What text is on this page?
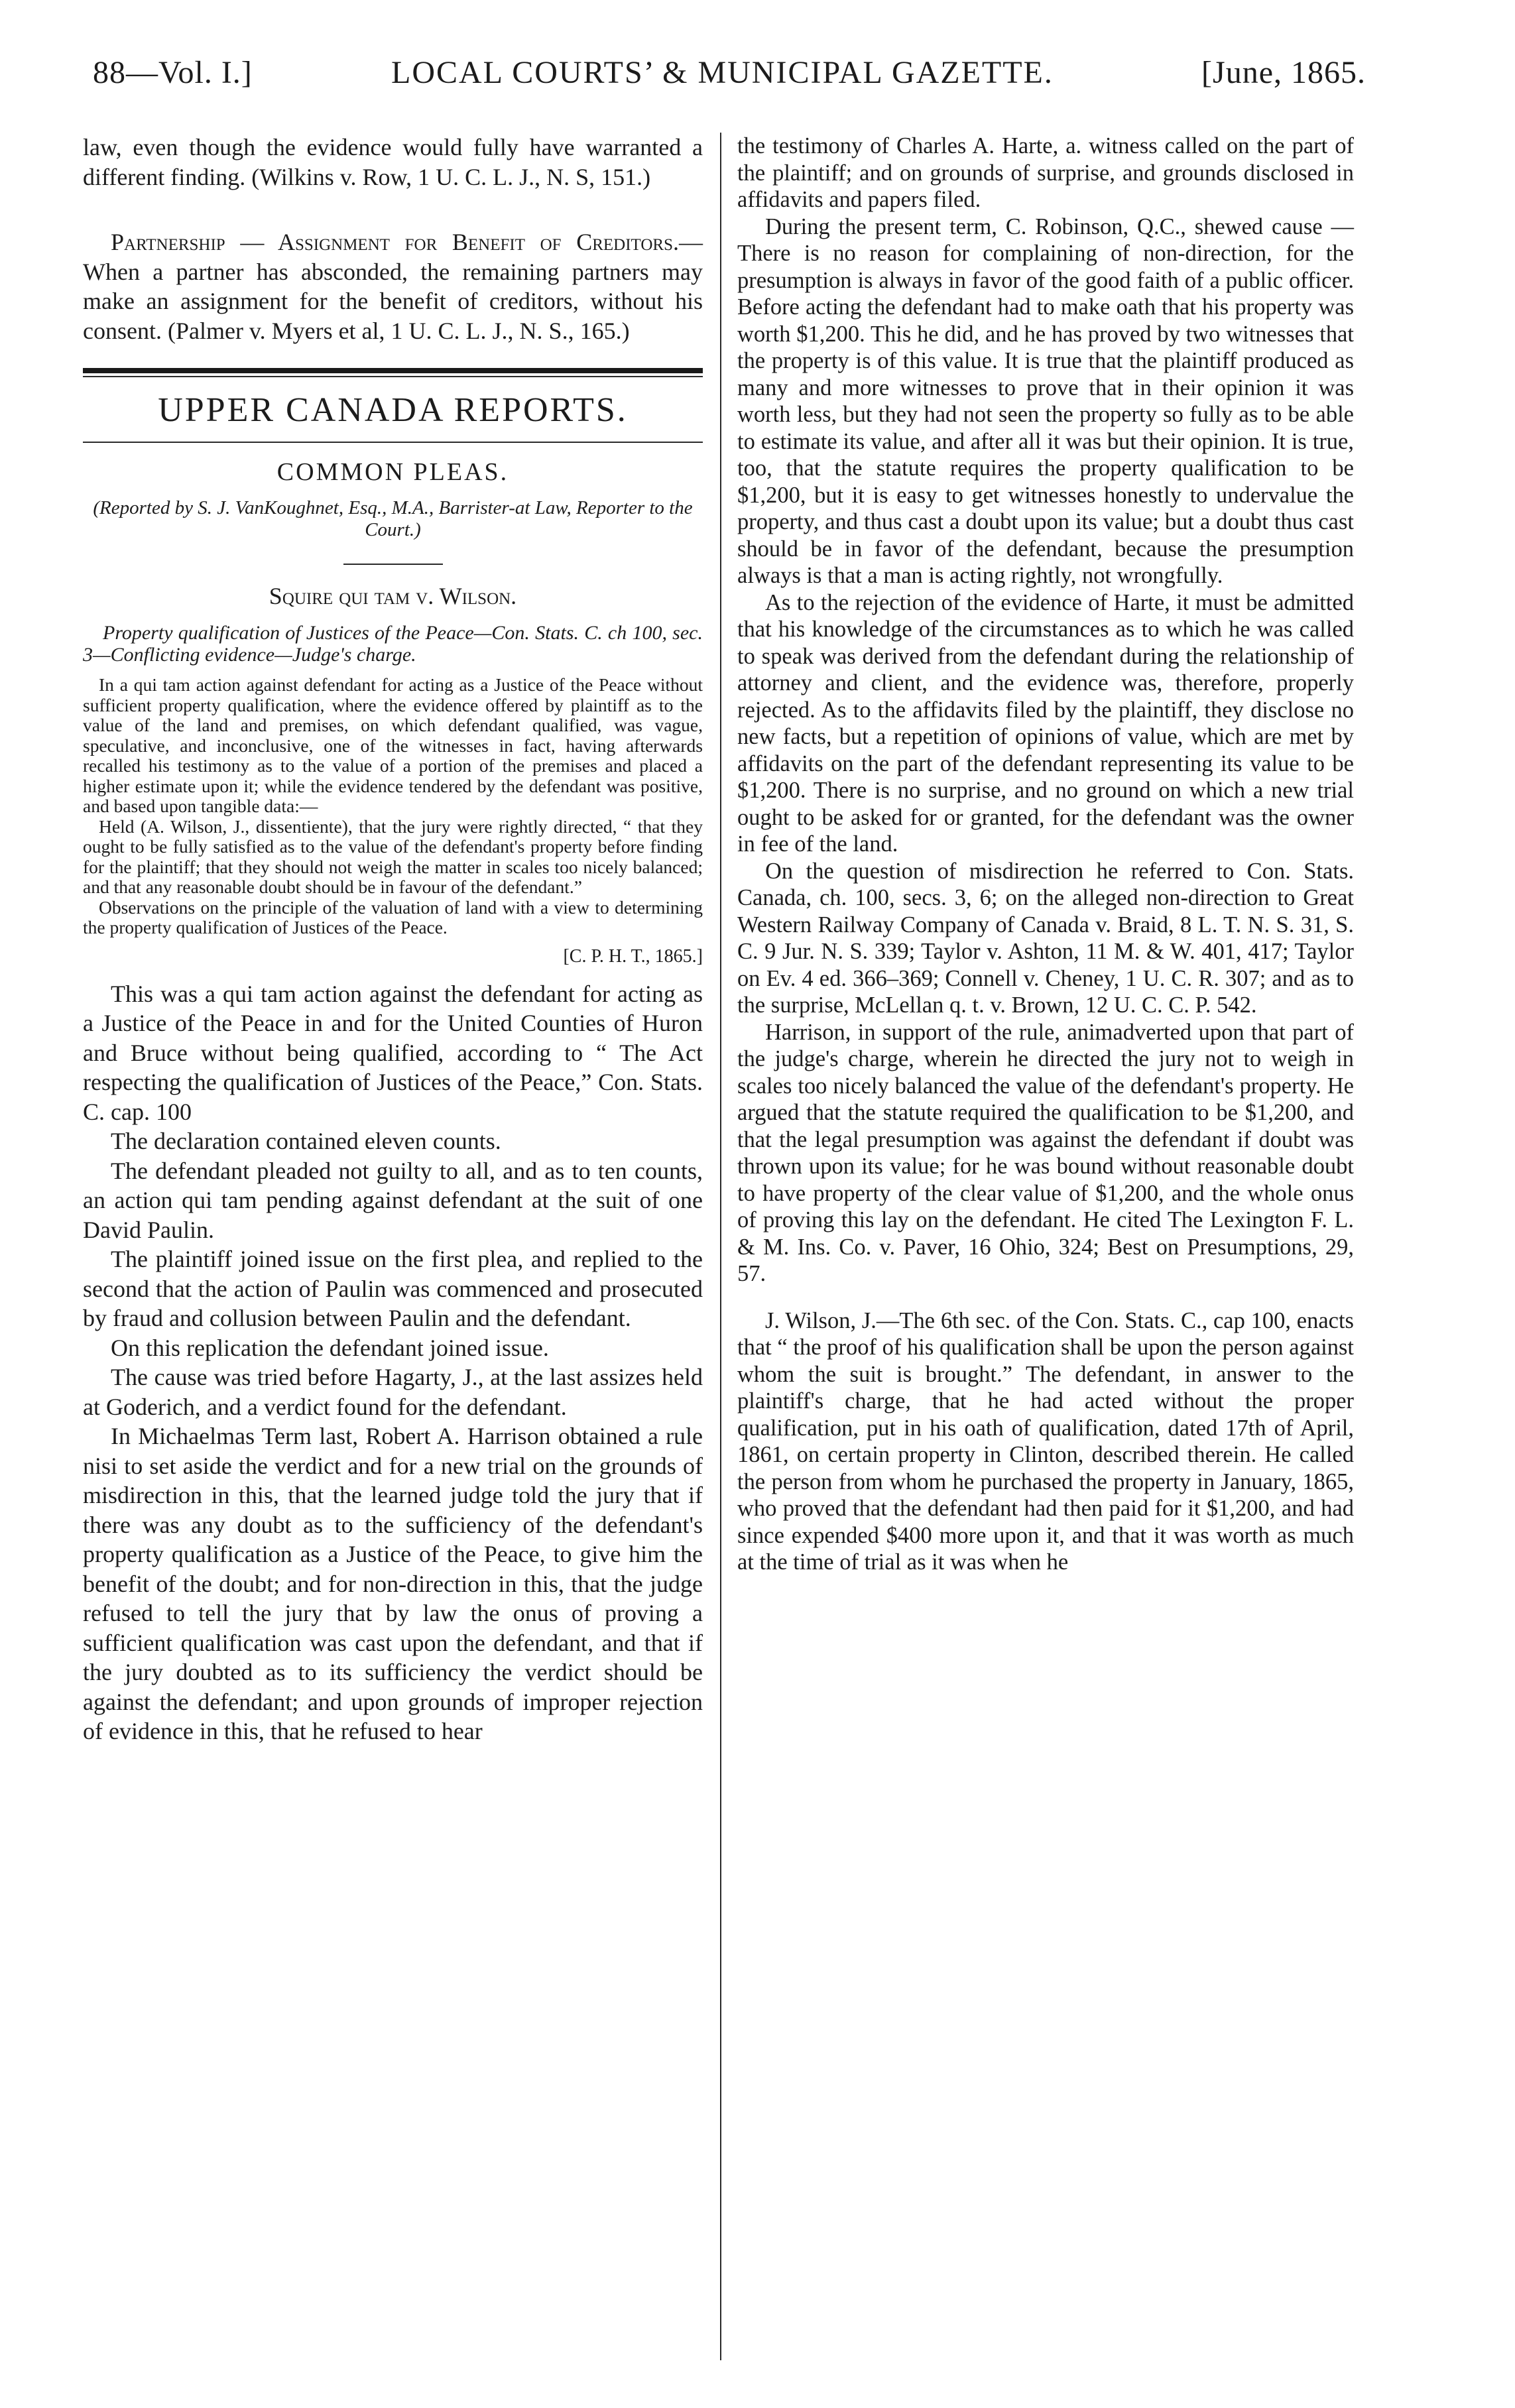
88—Vol. I.]	LOCAL COURTS’ & MUNICIPAL GAZETTE.	[June, 1865.

law, even though the evidence would fully have warranted a different finding. (Wilkins v. Row, 1 U. C. L. J., N. S, 151.)

Partnership — Assignment for Benefit of Creditors.—When a partner has absconded, the remaining partners may make an assignment for the benefit of creditors, without his consent. (Palmer v. Myers et al, 1 U. C. L. J., N. S., 165.)

UPPER CANADA REPORTS.
COMMON PLEAS.
(Reported by S. J. VanKoughnet, Esq., M.A., Barrister-at Law, Reporter to the Court.)
Squire qui tam v. Wilson.

Property qualification of Justices of the Peace—Con. Stats. C. ch 100, sec. 3—Conflicting evidence—Judge's charge.

In a qui tam action against defendant for acting as a Justice of the Peace without sufficient property qualification, where the evidence offered by plaintiff as to the value of the land and premises, on which defendant qualified, was vague, speculative, and inconclusive, one of the witnesses in fact, having afterwards recalled his testimony as to the value of a portion of the premises and placed a higher estimate upon it; while the evidence tendered by the defendant was positive, and based upon tangible data:—

Held (A. Wilson, J., dissentiente), that the jury were rightly directed, “ that they ought to be fully satisfied as to the value of the defendant's property before finding for the plaintiff; that they should not weigh the matter in scales too nicely balanced; and that any reasonable doubt should be in favour of the defendant.”

Observations on the principle of the valuation of land with a view to determining the property qualification of Justices of the Peace.

[C. P. H. T., 1865.]

This was a qui tam action against the defendant for acting as a Justice of the Peace in and for the United Counties of Huron and Bruce without being qualified, according to “ The Act respecting the qualification of Justices of the Peace,” Con. Stats. C. cap. 100

The declaration contained eleven counts.

The defendant pleaded not guilty to all, and as to ten counts, an action qui tam pending against defendant at the suit of one David Paulin.

The plaintiff joined issue on the first plea, and replied to the second that the action of Paulin was commenced and prosecuted by fraud and collusion between Paulin and the defendant.

On this replication the defendant joined issue.

The cause was tried before Hagarty, J., at the last assizes held at Goderich, and a verdict found for the defendant.

In Michaelmas Term last, Robert A. Harrison obtained a rule nisi to set aside the verdict and for a new trial on the grounds of misdirection in this, that the learned judge told the jury that if there was any doubt as to the sufficiency of the defendant's property qualification as a Justice of the Peace, to give him the benefit of the doubt; and for non-direction in this, that the judge refused to tell the jury that by law the onus of proving a sufficient qualification was cast upon the defendant, and that if the jury doubted as to its sufficiency the verdict should be against the defendant; and upon grounds of improper rejection of evidence in this, that he refused to hear

the testimony of Charles A. Harte, a. witness called on the part of the plaintiff; and on grounds of surprise, and grounds disclosed in affidavits and papers filed.

During the present term, C. Robinson, Q.C., shewed cause —There is no reason for complaining of non-direction, for the presumption is always in favor of the good faith of a public officer. Before acting the defendant had to make oath that his property was worth $1,200. This he did, and he has proved by two witnesses that the property is of this value. It is true that the plaintiff produced as many and more witnesses to prove that in their opinion it was worth less, but they had not seen the property so fully as to be able to estimate its value, and after all it was but their opinion. It is true, too, that the statute requires the property qualification to be $1,200, but it is easy to get witnesses honestly to undervalue the property, and thus cast a doubt upon its value; but a doubt thus cast should be in favor of the defendant, because the presumption always is that a man is acting rightly, not wrongfully.

As to the rejection of the evidence of Harte, it must be admitted that his knowledge of the circumstances as to which he was called to speak was derived from the defendant during the relationship of attorney and client, and the evidence was, therefore, properly rejected. As to the affidavits filed by the plaintiff, they disclose no new facts, but a repetition of opinions of value, which are met by affidavits on the part of the defendant representing its value to be $1,200. There is no surprise, and no ground on which a new trial ought to be asked for or granted, for the defendant was the owner in fee of the land.

On the question of misdirection he referred to Con. Stats. Canada, ch. 100, secs. 3, 6; on the alleged non-direction to Great Western Railway Company of Canada v. Braid, 8 L. T. N. S. 31, S. C. 9 Jur. N. S. 339; Taylor v. Ashton, 11 M. & W. 401, 417; Taylor on Ev. 4 ed. 366–369; Connell v. Cheney, 1 U. C. R. 307; and as to the surprise, McLellan q. t. v. Brown, 12 U. C. C. P. 542.

Harrison, in support of the rule, animadverted upon that part of the judge's charge, wherein he directed the jury not to weigh in scales too nicely balanced the value of the defendant's property. He argued that the statute required the qualification to be $1,200, and that the legal presumption was against the defendant if doubt was thrown upon its value; for he was bound without reasonable doubt to have property of the clear value of $1,200, and the whole onus of proving this lay on the defendant. He cited The Lexington F. L. & M. Ins. Co. v. Paver, 16 Ohio, 324; Best on Presumptions, 29, 57.

J. Wilson, J.—The 6th sec. of the Con. Stats. C., cap 100, enacts that “ the proof of his qualification shall be upon the person against whom the suit is brought.” The defendant, in answer to the plaintiff's charge, that he had acted without the proper qualification, put in his oath of qualification, dated 17th of April, 1861, on certain property in Clinton, described therein. He called the person from whom he purchased the property in January, 1865, who proved that the defendant had then paid for it $1,200, and had since expended $400 more upon it, and that it was worth as much at the time of trial as it was when he
